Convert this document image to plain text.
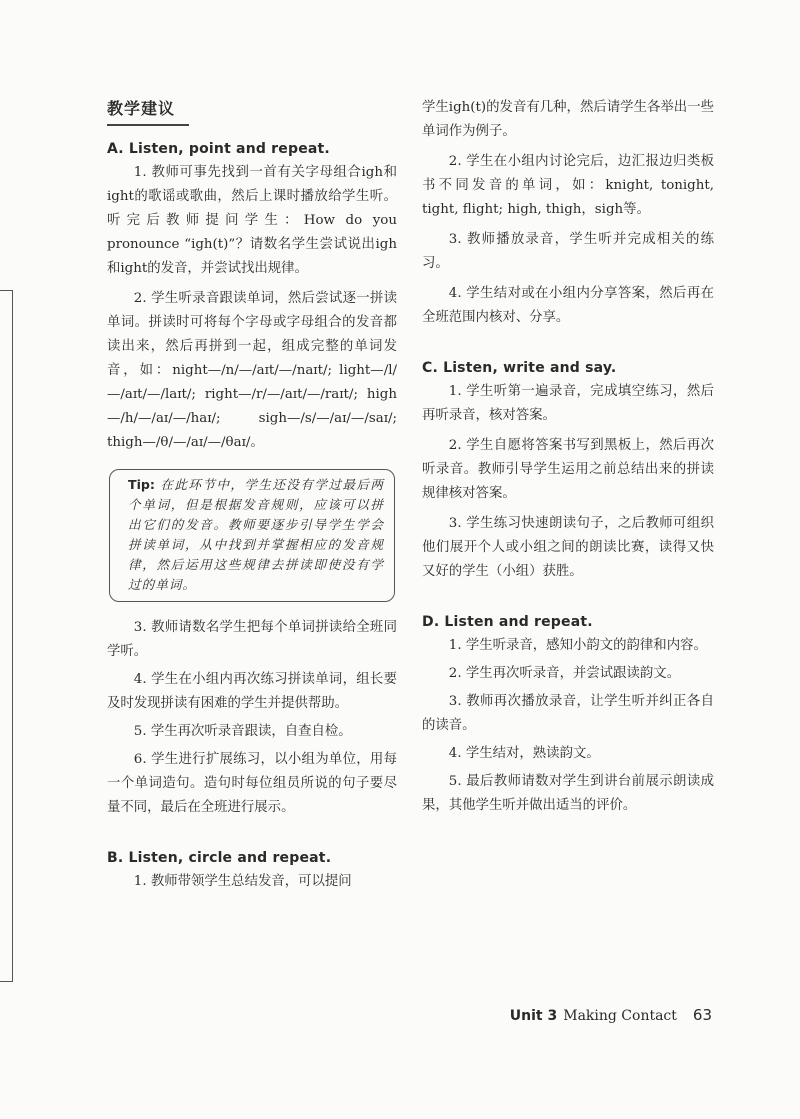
教学建议
A. Listen, point and repeat.

1. 教师可事先找到一首有关字母组合igh和ight的歌谣或歌曲，然后上课时播放给学生听。听完后教师提问学生：How do you pronounce “igh(t)”？请数名学生尝试说出igh和ight的发音，并尝试找出规律。

2. 学生听录音跟读单词，然后尝试逐一拼读单词。拼读时可将每个字母或字母组合的发音都读出来，然后再拼到一起，组成完整的单词发音，如：night—/n/—/aɪt/—/naɪt/; light—/l/—/aɪt/—/laɪt/; right—/r/—/aɪt/—/raɪt/; high—/h/—/aɪ/—/haɪ/; sigh—/s/—/aɪ/—/saɪ/; thigh—/θ/—/aɪ/—/θaɪ/。

Tip: 在此环节中，学生还没有学过最后两个单词，但是根据发音规则，应该可以拼出它们的发音。教师要逐步引导学生学会拼读单词，从中找到并掌握相应的发音规律，然后运用这些规律去拼读即使没有学过的单词。

3. 教师请数名学生把每个单词拼读给全班同学听。

4. 学生在小组内再次练习拼读单词，组长要及时发现拼读有困难的学生并提供帮助。

5. 学生再次听录音跟读，自查自检。

6. 学生进行扩展练习，以小组为单位，用每一个单词造句。造句时每位组员所说的句子要尽量不同，最后在全班进行展示。

B. Listen, circle and repeat.

1. 教师带领学生总结发音，可以提问

学生igh(t)的发音有几种，然后请学生各举出一些单词作为例子。

2. 学生在小组内讨论完后，边汇报边归类板书不同发音的单词，如：knight, tonight, tight, flight; high, thigh，sigh等。

3. 教师播放录音，学生听并完成相关的练习。

4. 学生结对或在小组内分享答案，然后再在全班范围内核对、分享。

C. Listen, write and say.

1. 学生听第一遍录音，完成填空练习，然后再听录音，核对答案。

2. 学生自愿将答案书写到黑板上，然后再次听录音。教师引导学生运用之前总结出来的拼读规律核对答案。

3. 学生练习快速朗读句子，之后教师可组织他们展开个人或小组之间的朗读比赛，读得又快又好的学生（小组）获胜。

D. Listen and repeat.

1. 学生听录音，感知小韵文的韵律和内容。

2. 学生再次听录音，并尝试跟读韵文。

3. 教师再次播放录音，让学生听并纠正各自的读音。

4. 学生结对，熟读韵文。

5. 最后教师请数对学生到讲台前展示朗读成果，其他学生听并做出适当的评价。

Unit 3 Making Contact 63
